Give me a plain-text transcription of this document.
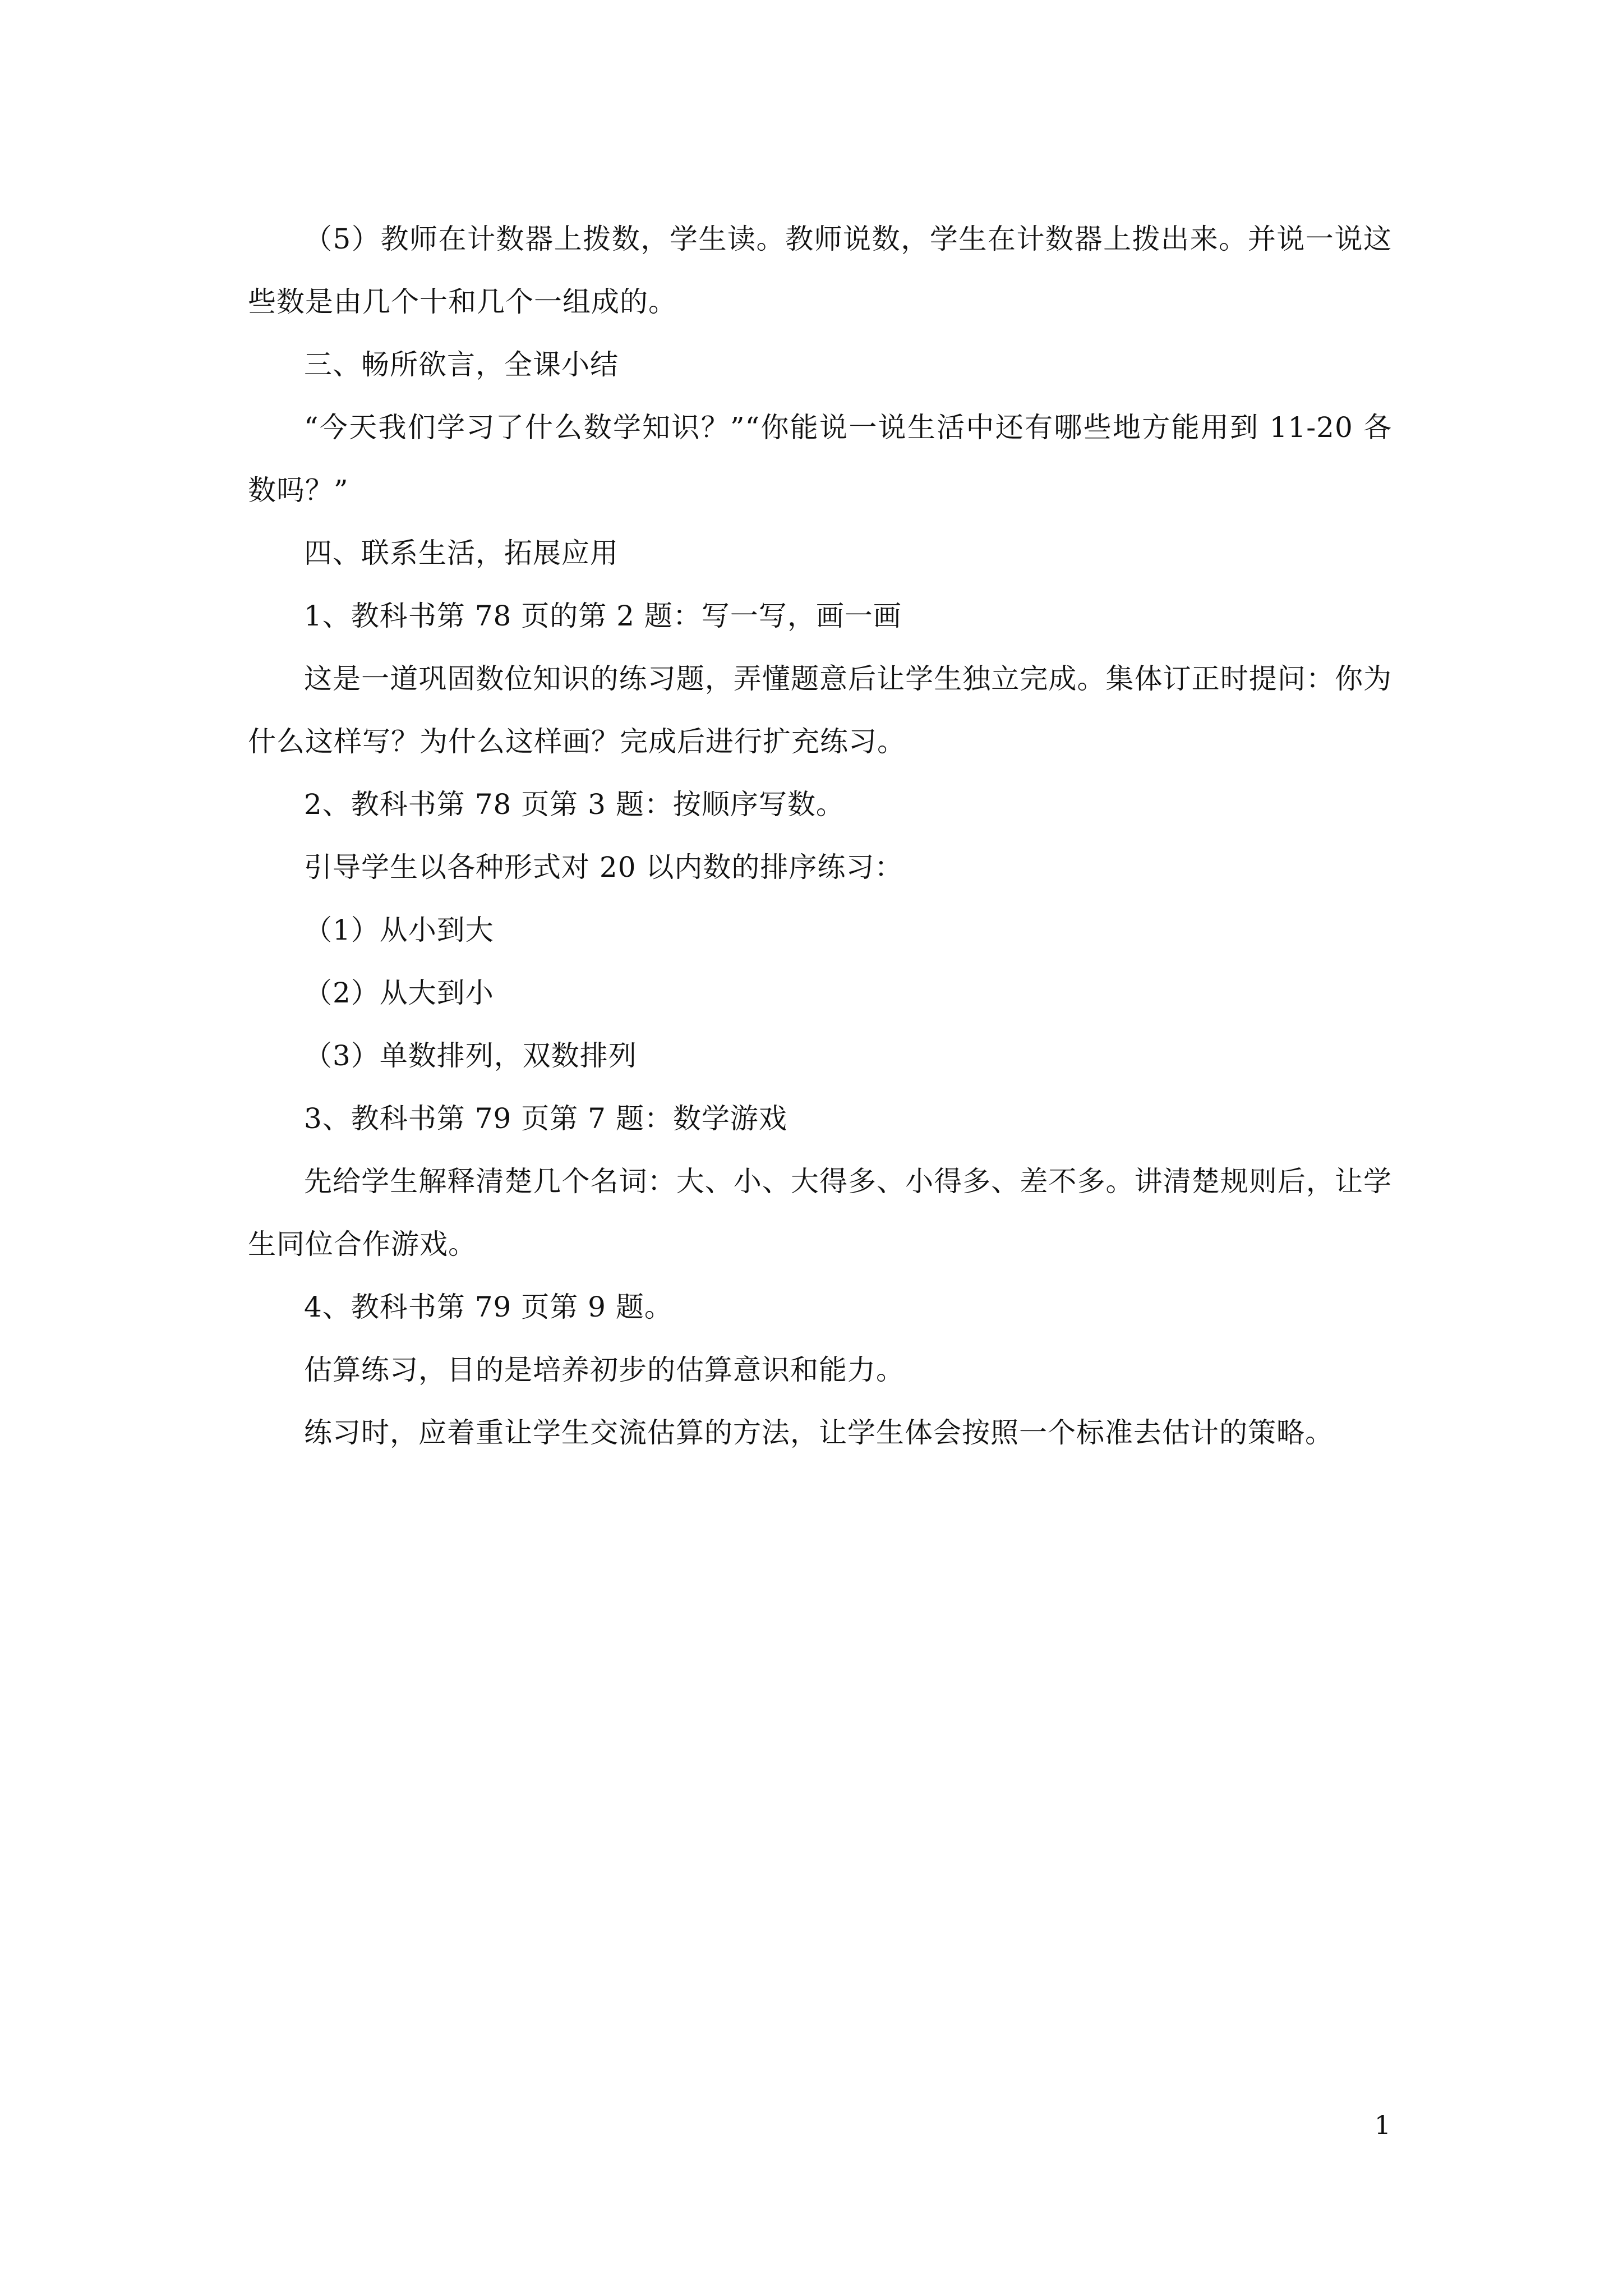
（5）教师在计数器上拨数，学生读。教师说数，学生在计数器上拨出来。并说一说这些数是由几个十和几个一组成的。

三、畅所欲言，全课小结

“今天我们学习了什么数学知识？”“你能说一说生活中还有哪些地方能用到 11-20 各数吗？”

四、联系生活，拓展应用

1、教科书第 78 页的第 2 题：写一写，画一画

这是一道巩固数位知识的练习题，弄懂题意后让学生独立完成。集体订正时提问：你为什么这样写？为什么这样画？完成后进行扩充练习。

2、教科书第 78 页第 3 题：按顺序写数。

引导学生以各种形式对 20 以内数的排序练习：

（1）从小到大

（2）从大到小

（3）单数排列，双数排列

3、教科书第 79 页第 7 题：数学游戏

先给学生解释清楚几个名词：大、小、大得多、小得多、差不多。讲清楚规则后，让学生同位合作游戏。

4、教科书第 79 页第 9 题。

估算练习，目的是培养初步的估算意识和能力。

练习时，应着重让学生交流估算的方法，让学生体会按照一个标准去估计的策略。

1
